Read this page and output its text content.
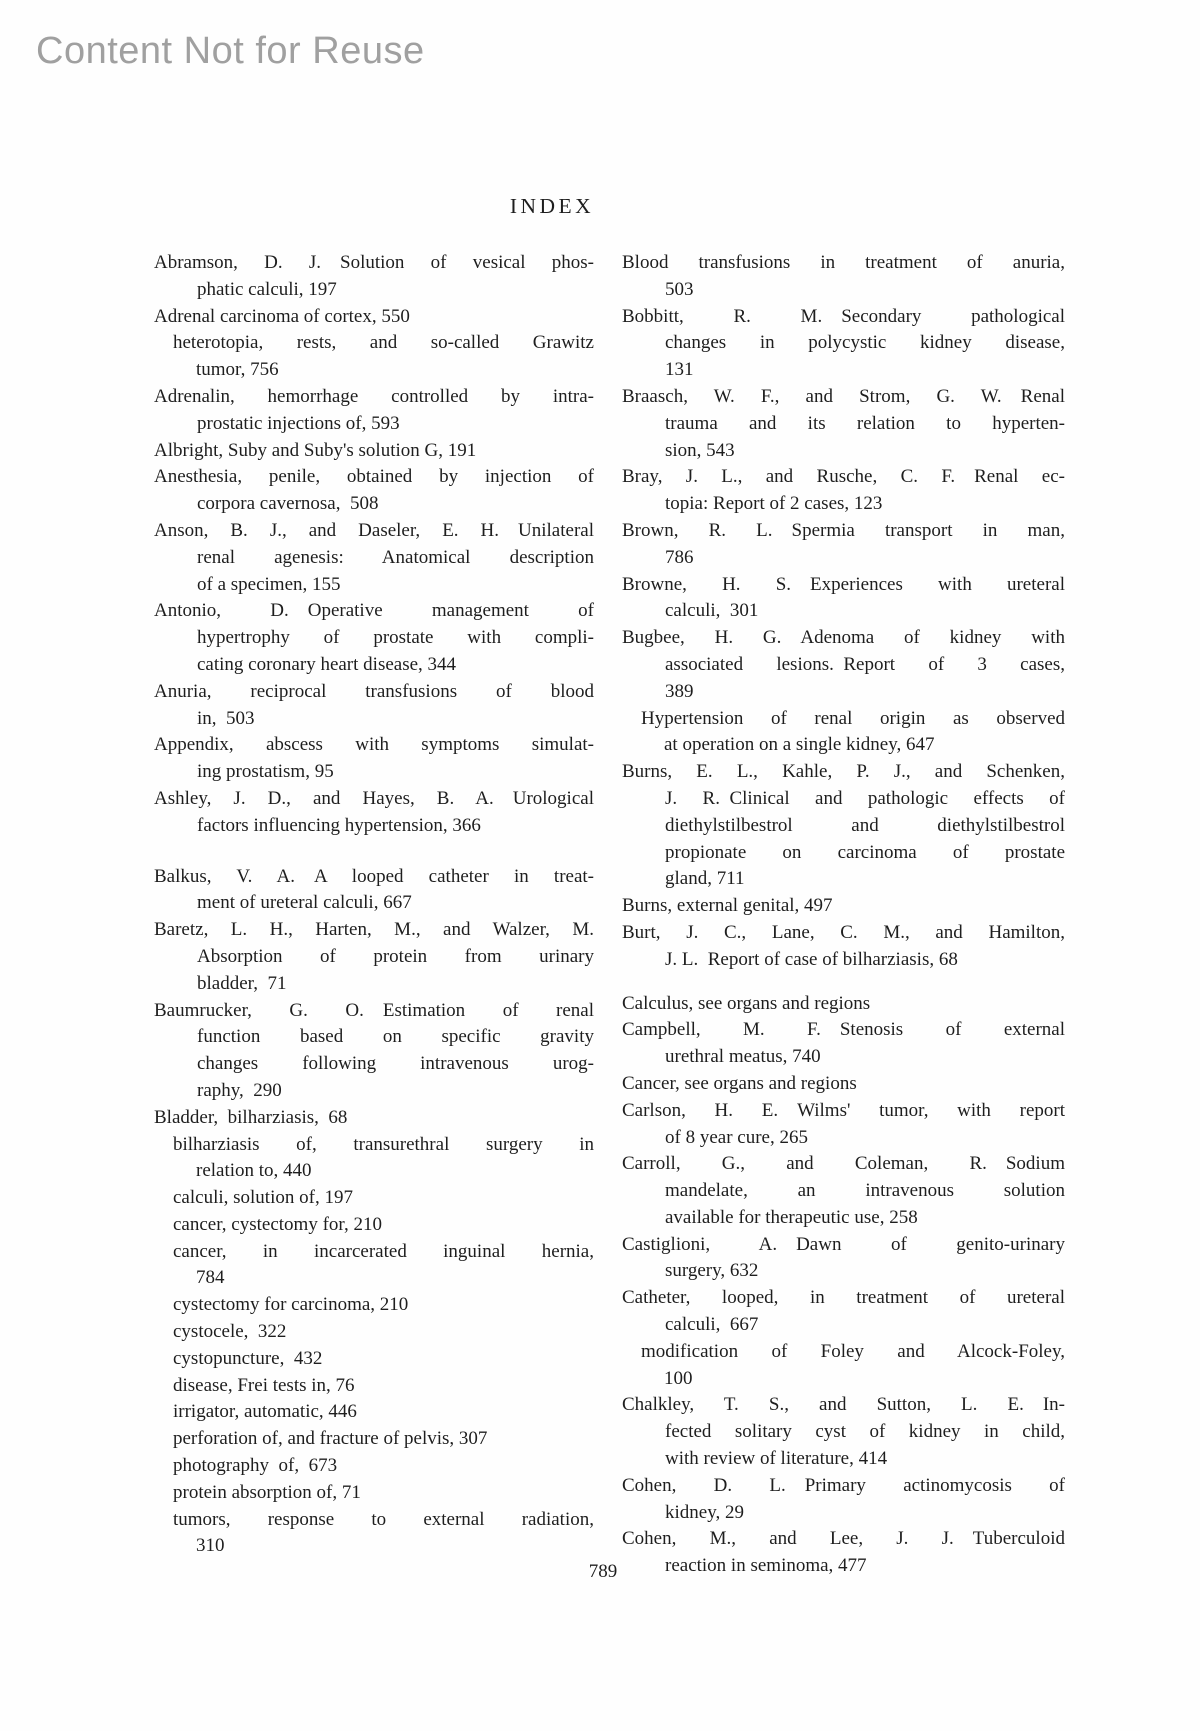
Content Not for Reuse
INDEX
Abramson, D. J. Solution of vesical phos-
phatic calculi, 197
Adrenal carcinoma of cortex, 550
heterotopia, rests, and so-called Grawitz
tumor, 756
Adrenalin, hemorrhage controlled by intra-
prostatic injections of, 593
Albright, Suby and Suby's solution G, 191
Anesthesia, penile, obtained by injection of
corpora cavernosa, 508
Anson, B. J., and Daseler, E. H. Unilateral
renal agenesis: Anatomical description
of a specimen, 155
Antonio, D. Operative management of
hypertrophy of prostate with compli-
cating coronary heart disease, 344
Anuria, reciprocal transfusions of blood
in, 503
Appendix, abscess with symptoms simulat-
ing prostatism, 95
Ashley, J. D., and Hayes, B. A. Urological
factors influencing hypertension, 366
Balkus, V. A. A looped catheter in treat-
ment of ureteral calculi, 667
Baretz, L. H., Harten, M., and Walzer, M.
Absorption of protein from urinary
bladder, 71
Baumrucker, G. O. Estimation of renal
function based on specific gravity
changes following intravenous urog-
raphy, 290
Bladder, bilharziasis, 68
bilharziasis of, transurethral surgery in
relation to, 440
calculi, solution of, 197
cancer, cystectomy for, 210
cancer, in incarcerated inguinal hernia,
784
cystectomy for carcinoma, 210
cystocele, 322
cystopuncture, 432
disease, Frei tests in, 76
irrigator, automatic, 446
perforation of, and fracture of pelvis, 307
photography of, 673
protein absorption of, 71
tumors, response to external radiation,
310
Blood transfusions in treatment of anuria,
503
Bobbitt, R. M. Secondary pathological
changes in polycystic kidney disease,
131
Braasch, W. F., and Strom, G. W. Renal
trauma and its relation to hyperten-
sion, 543
Bray, J. L., and Rusche, C. F. Renal ec-
topia: Report of 2 cases, 123
Brown, R. L. Spermia transport in man,
786
Browne, H. S. Experiences with ureteral
calculi, 301
Bugbee, H. G. Adenoma of kidney with
associated lesions. Report of 3 cases,
389
Hypertension of renal origin as observed
at operation on a single kidney, 647
Burns, E. L., Kahle, P. J., and Schenken,
J. R. Clinical and pathologic effects of
diethylstilbestrol and diethylstilbestrol
propionate on carcinoma of prostate
gland, 711
Burns, external genital, 497
Burt, J. C., Lane, C. M., and Hamilton,
J. L. Report of case of bilharziasis, 68
Calculus, see organs and regions
Campbell, M. F. Stenosis of external
urethral meatus, 740
Cancer, see organs and regions
Carlson, H. E. Wilms' tumor, with report
of 8 year cure, 265
Carroll, G., and Coleman, R. Sodium
mandelate, an intravenous solution
available for therapeutic use, 258
Castiglioni, A. Dawn of genito-urinary
surgery, 632
Catheter, looped, in treatment of ureteral
calculi, 667
modification of Foley and Alcock-Foley,
100
Chalkley, T. S., and Sutton, L. E. In-
fected solitary cyst of kidney in child,
with review of literature, 414
Cohen, D. L. Primary actinomycosis of
kidney, 29
Cohen, M., and Lee, J. J. Tuberculoid
reaction in seminoma, 477
789
